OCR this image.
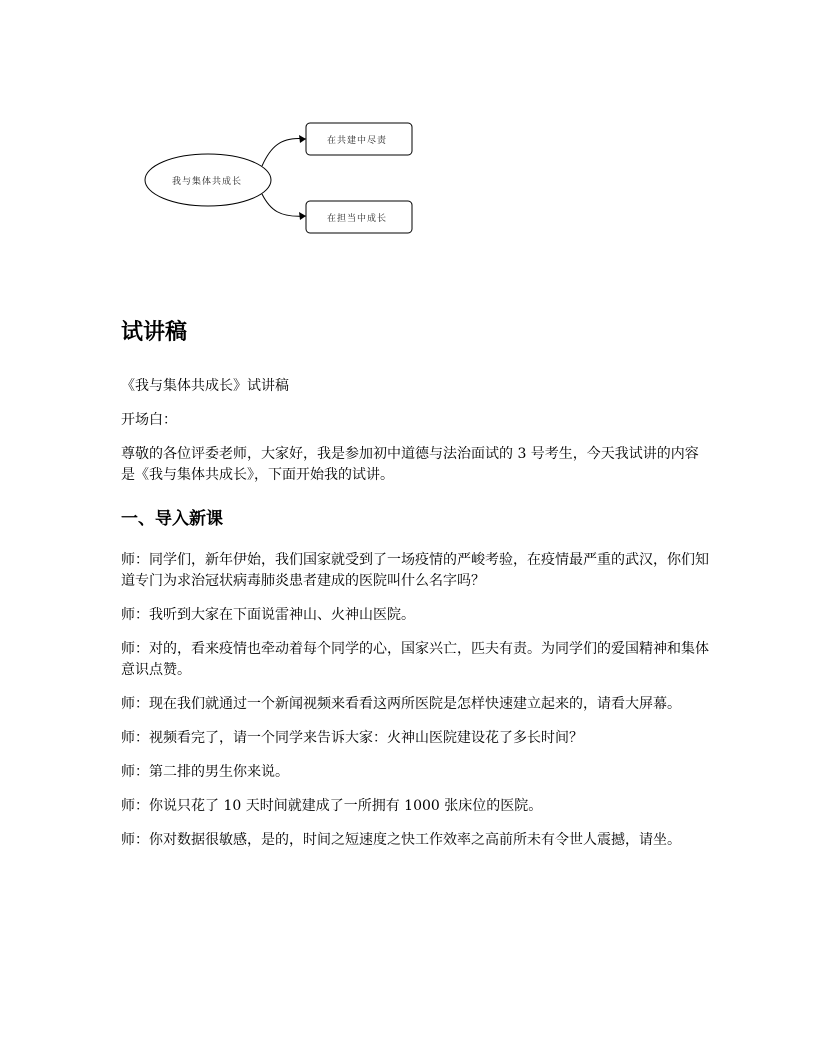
我与集体共成长
在共建中尽责
在担当中成长
试讲稿

《我与集体共成长》试讲稿

开场白：

尊敬的各位评委老师，大家好，我是参加初中道德与法治面试的 3 号考生，今天我试讲的内容是《我与集体共成长》，下面开始我的试讲。

一、导入新课

师：同学们，新年伊始，我们国家就受到了一场疫情的严峻考验，在疫情最严重的武汉，你们知道专门为求治冠状病毒肺炎患者建成的医院叫什么名字吗？

师：我听到大家在下面说雷神山、火神山医院。

师：对的，看来疫情也牵动着每个同学的心，国家兴亡，匹夫有责。为同学们的爱国精神和集体意识点赞。

师：现在我们就通过一个新闻视频来看看这两所医院是怎样快速建立起来的，请看大屏幕。

师：视频看完了，请一个同学来告诉大家：火神山医院建设花了多长时间？

师：第二排的男生你来说。

师：你说只花了 10 天时间就建成了一所拥有 1000 张床位的医院。

师：你对数据很敏感，是的，时间之短速度之快工作效率之高前所未有令世人震撼，请坐。
